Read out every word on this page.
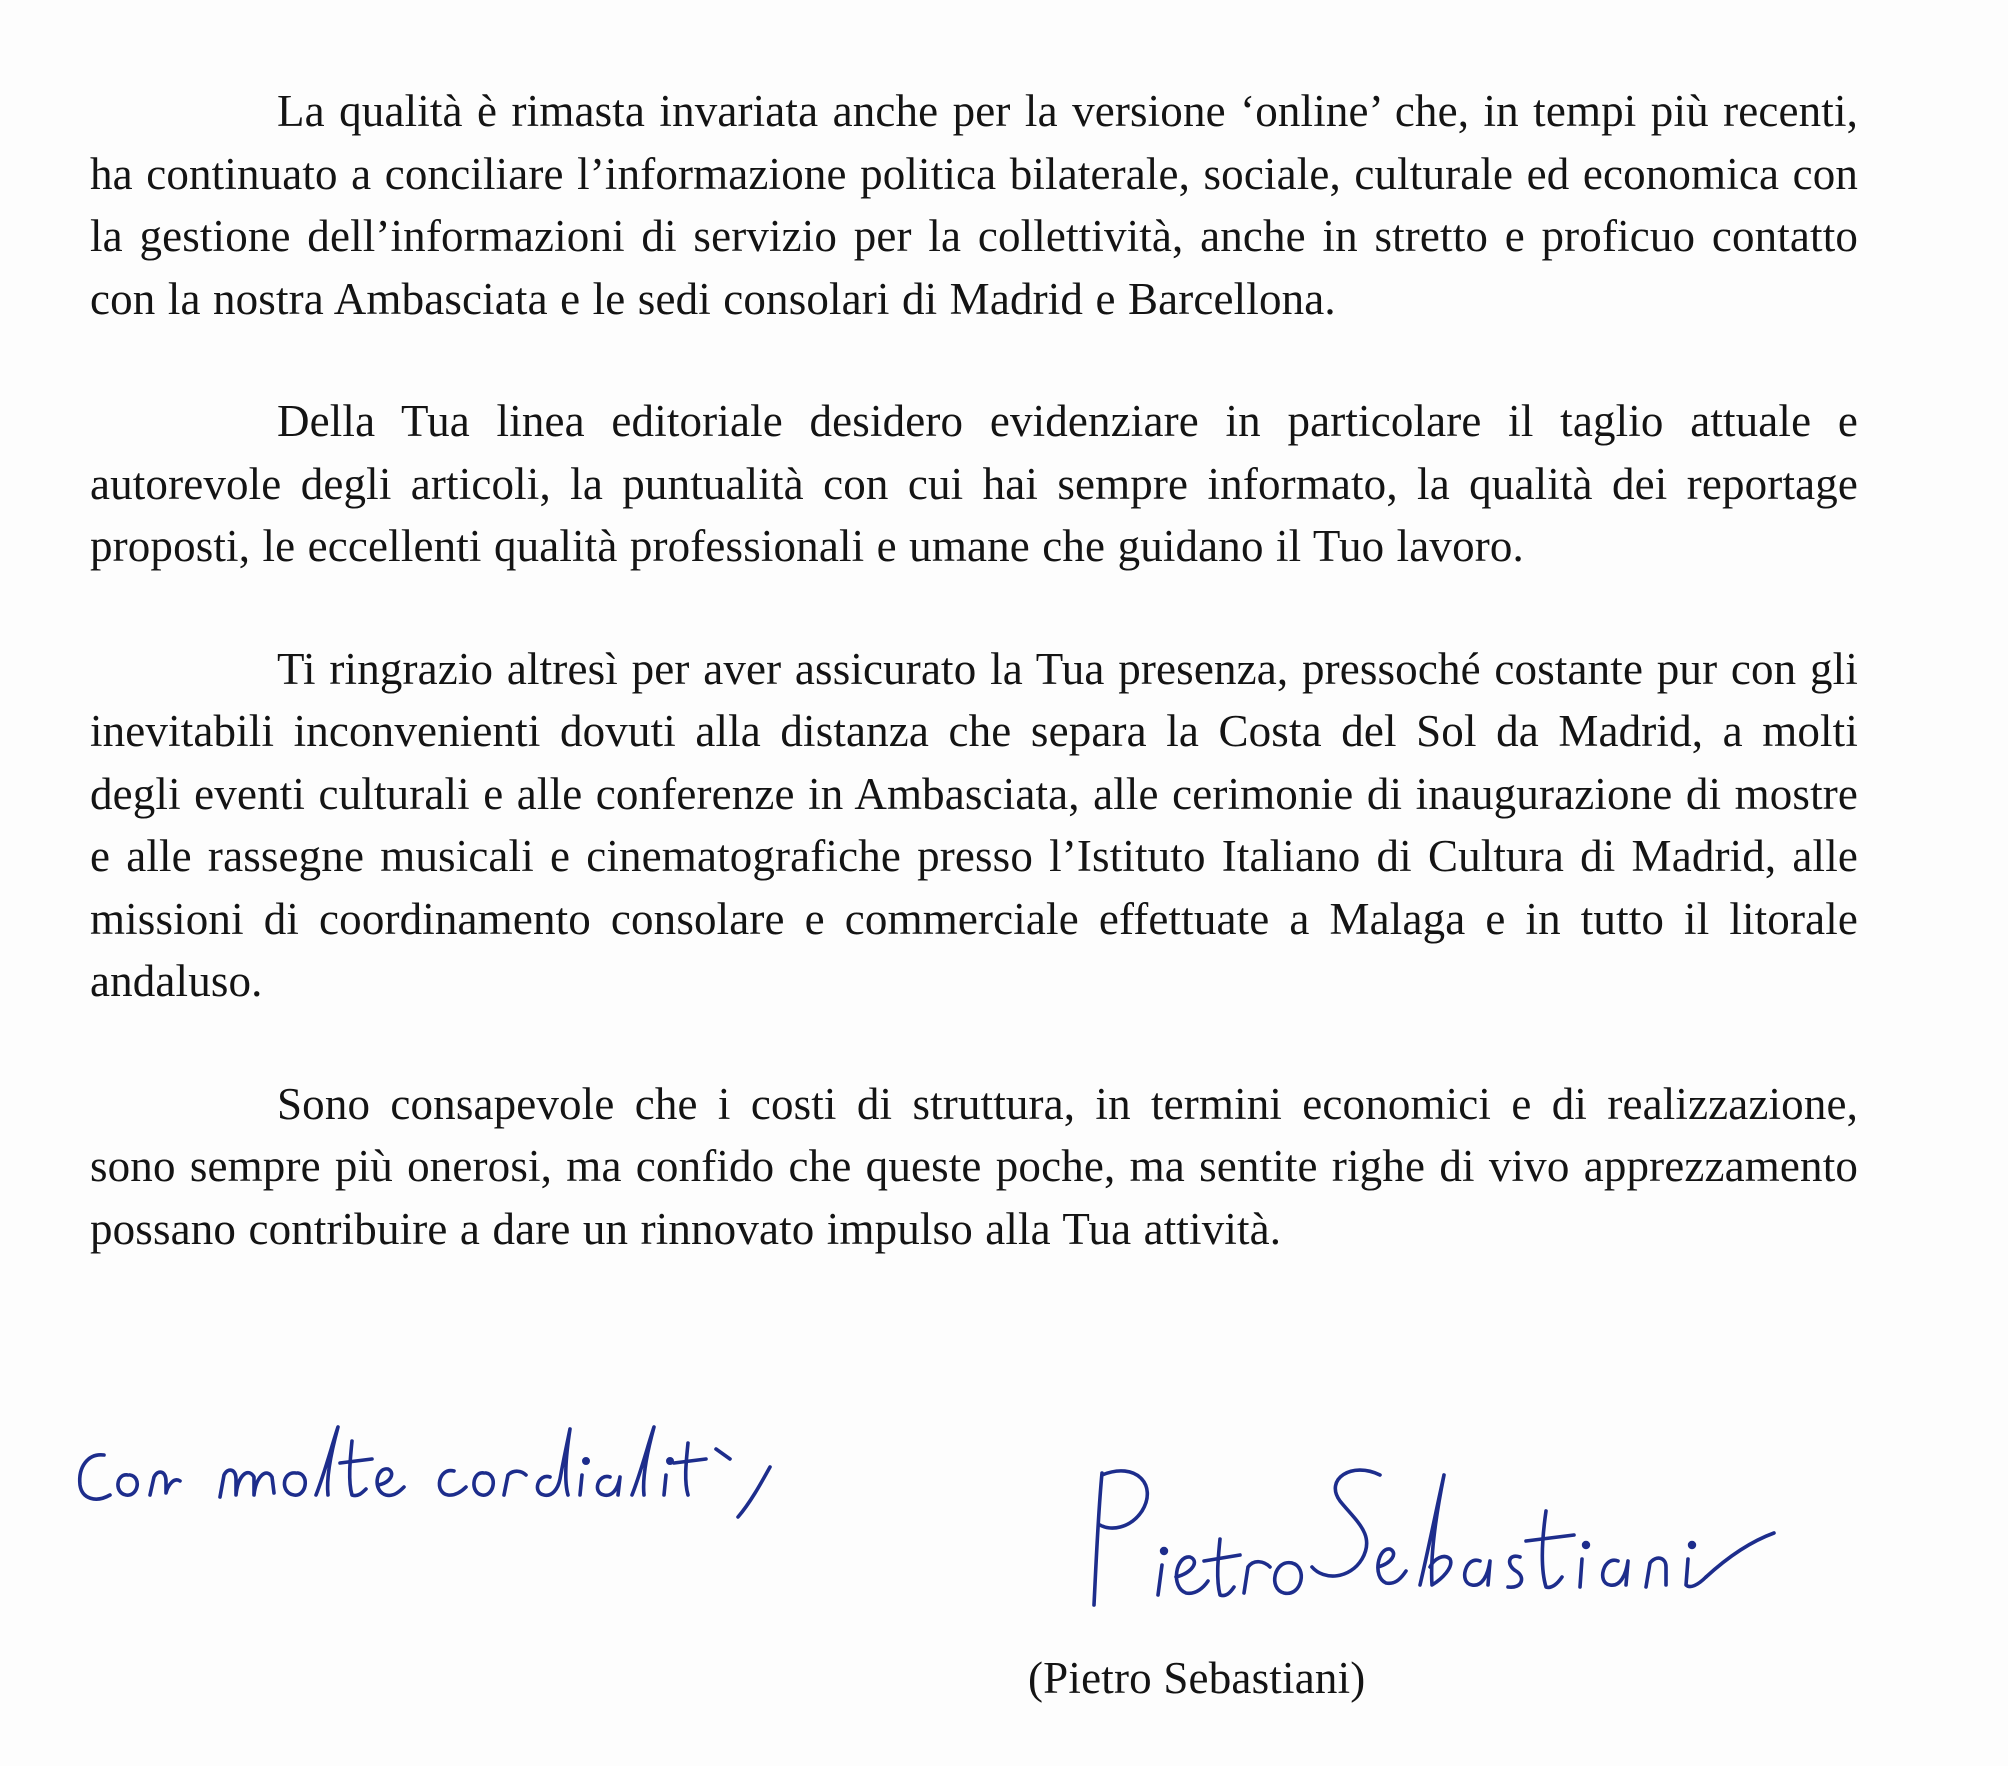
La qualità è rimasta invariata anche per la versione ‘online’ che, in tempi più recenti, ha continuato a conciliare l’informazione politica bilaterale, sociale, culturale ed economica con la gestione dell’informazioni di servizio per la collettività, anche in stretto e proficuo contatto con la nostra Ambasciata e le sedi consolari di Madrid e Barcellona.

Della Tua linea editoriale desidero evidenziare in particolare il taglio attuale e autorevole degli articoli, la puntualità con cui hai sempre informato, la qualità dei reportage proposti, le eccellenti qualità professionali e umane che guidano il Tuo lavoro.

Ti ringrazio altresì per aver assicurato la Tua presenza, pressoché costante pur con gli inevitabili inconvenienti dovuti alla distanza che separa la Costa del Sol da Madrid, a molti degli eventi culturali e alle conferenze in Ambasciata, alle cerimonie di inaugurazione di mostre e alle rassegne musicali e cinematografiche presso l’Istituto Italiano di Cultura di Madrid, alle missioni di coordinamento consolare e commerciale effettuate a Malaga e in tutto il litorale andaluso.

Sono consapevole che i costi di struttura, in termini economici e di realizzazione, sono sempre più onerosi, ma confido che queste poche, ma sentite righe di vivo apprezzamento possano contribuire a dare un rinnovato impulso alla Tua attività.

(Pietro Sebastiani)
